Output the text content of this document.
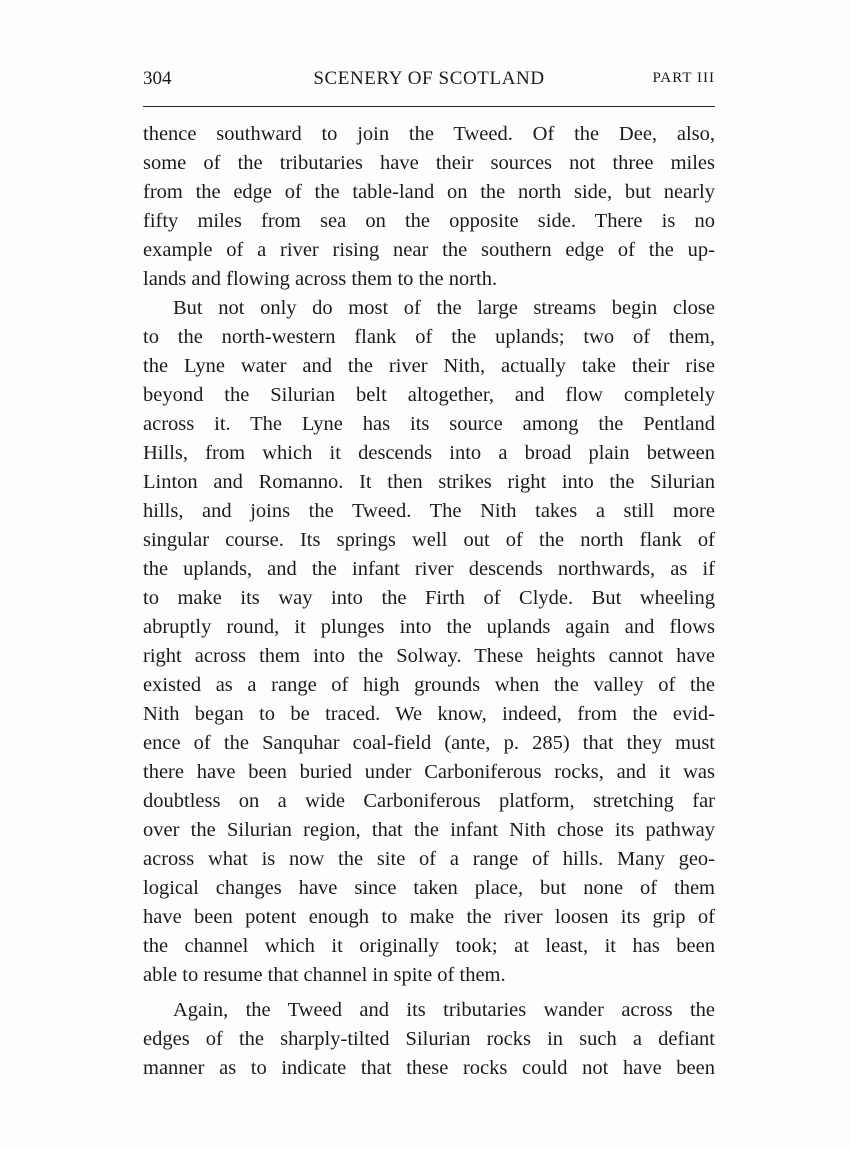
304	SCENERY OF SCOTLAND	PART III
thence southward to join the Tweed. Of the Dee, also,
some of the tributaries have their sources not three miles
from the edge of the table-land on the north side, but nearly
fifty miles from sea on the opposite side. There is no
example of a river rising near the southern edge of the up-
lands and flowing across them to the north.
But not only do most of the large streams begin close
to the north-western flank of the uplands; two of them,
the Lyne water and the river Nith, actually take their rise
beyond the Silurian belt altogether, and flow completely
across it. The Lyne has its source among the Pentland
Hills, from which it descends into a broad plain between
Linton and Romanno. It then strikes right into the Silurian
hills, and joins the Tweed. The Nith takes a still more
singular course. Its springs well out of the north flank of
the uplands, and the infant river descends northwards, as if
to make its way into the Firth of Clyde. But wheeling
abruptly round, it plunges into the uplands again and flows
right across them into the Solway. These heights cannot have
existed as a range of high grounds when the valley of the
Nith began to be traced. We know, indeed, from the evid-
ence of the Sanquhar coal-field (ante, p. 285) that they must
there have been buried under Carboniferous rocks, and it was
doubtless on a wide Carboniferous platform, stretching far
over the Silurian region, that the infant Nith chose its pathway
across what is now the site of a range of hills. Many geo-
logical changes have since taken place, but none of them
have been potent enough to make the river loosen its grip of
the channel which it originally took; at least, it has been
able to resume that channel in spite of them.
Again, the Tweed and its tributaries wander across the
edges of the sharply-tilted Silurian rocks in such a defiant
manner as to indicate that these rocks could not have been
